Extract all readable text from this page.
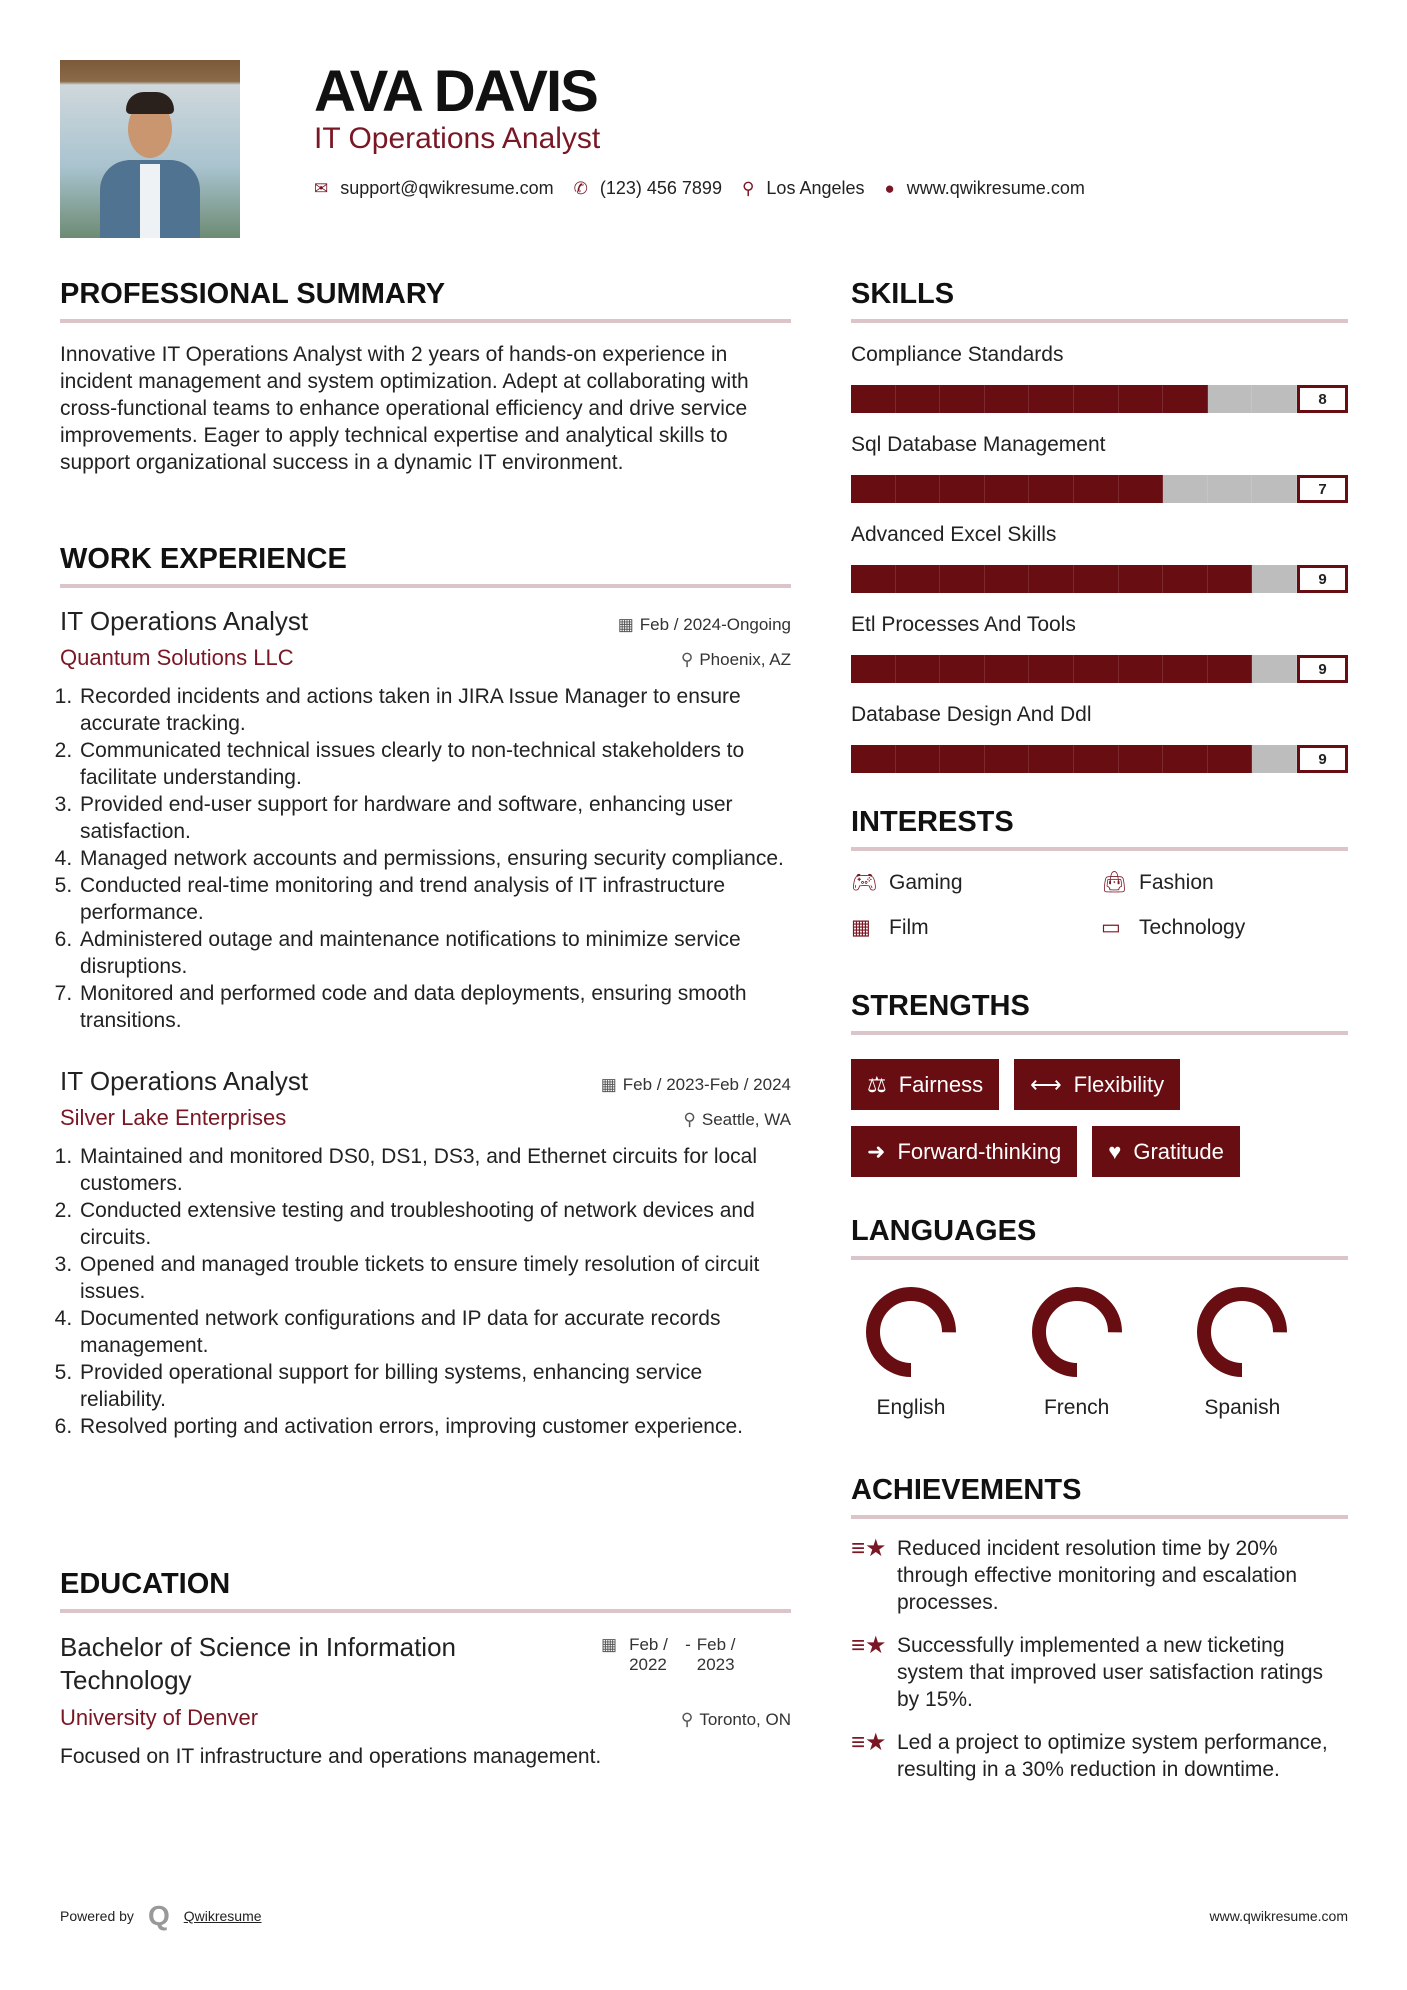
AVA DAVIS
IT Operations Analyst
✉ support@qwikresume.com ✆ (123) 456 7899 ⚲ Los Angeles ● www.qwikresume.com
PROFESSIONAL SUMMARY

Innovative IT Operations Analyst with 2 years of hands-on experience in incident management and system optimization. Adept at collaborating with cross-functional teams to enhance operational efficiency and drive service improvements. Eager to apply technical expertise and analytical skills to support organizational success in a dynamic IT environment.

WORK EXPERIENCE
IT Operations Analyst	▦ Feb / 2024-Ongoing
Quantum Solutions LLC	⚲ Phoenix, AZ
1. Recorded incidents and actions taken in JIRA Issue Manager to ensure accurate tracking.
2. Communicated technical issues clearly to non-technical stakeholders to facilitate understanding.
3. Provided end-user support for hardware and software, enhancing user satisfaction.
4. Managed network accounts and permissions, ensuring security compliance.
5. Conducted real-time monitoring and trend analysis of IT infrastructure performance.
6. Administered outage and maintenance notifications to minimize service disruptions.
7. Monitored and performed code and data deployments, ensuring smooth transitions.
IT Operations Analyst	▦ Feb / 2023-Feb / 2024
Silver Lake Enterprises	⚲ Seattle, WA
1. Maintained and monitored DS0, DS1, DS3, and Ethernet circuits for local customers.
2. Conducted extensive testing and troubleshooting of network devices and circuits.
3. Opened and managed trouble tickets to ensure timely resolution of circuit issues.
4. Documented network configurations and IP data for accurate records management.
5. Provided operational support for billing systems, enhancing service reliability.
6. Resolved porting and activation errors, improving customer experience.
EDUCATION
Bachelor of Science in Information Technology
▦ Feb / 2022
- Feb / 2023
University of Denver	⚲ Toronto, ON

Focused on IT infrastructure and operations management.

SKILLS
Compliance Standards
8
Sql Database Management
7
Advanced Excel Skills
9
Etl Processes And Tools
9
Database Design And Ddl
9
INTERESTS
🎮︎ Gaming	👜︎ Fashion
▦ Film	▭ Technology
STRENGTHS
⚖ Fairness ⟷ Flexibility
➜ Forward-thinking ♥ Gratitude
LANGUAGES
English	French	Spanish
ACHIEVEMENTS
≡★ Reduced incident resolution time by 20% through effective monitoring and escalation processes.
≡★ Successfully implemented a new ticketing system that improved user satisfaction ratings by 15%.
≡★ Led a project to optimize system performance, resulting in a 30% reduction in downtime.
Powered by Q Qwikresume	www.qwikresume.com
